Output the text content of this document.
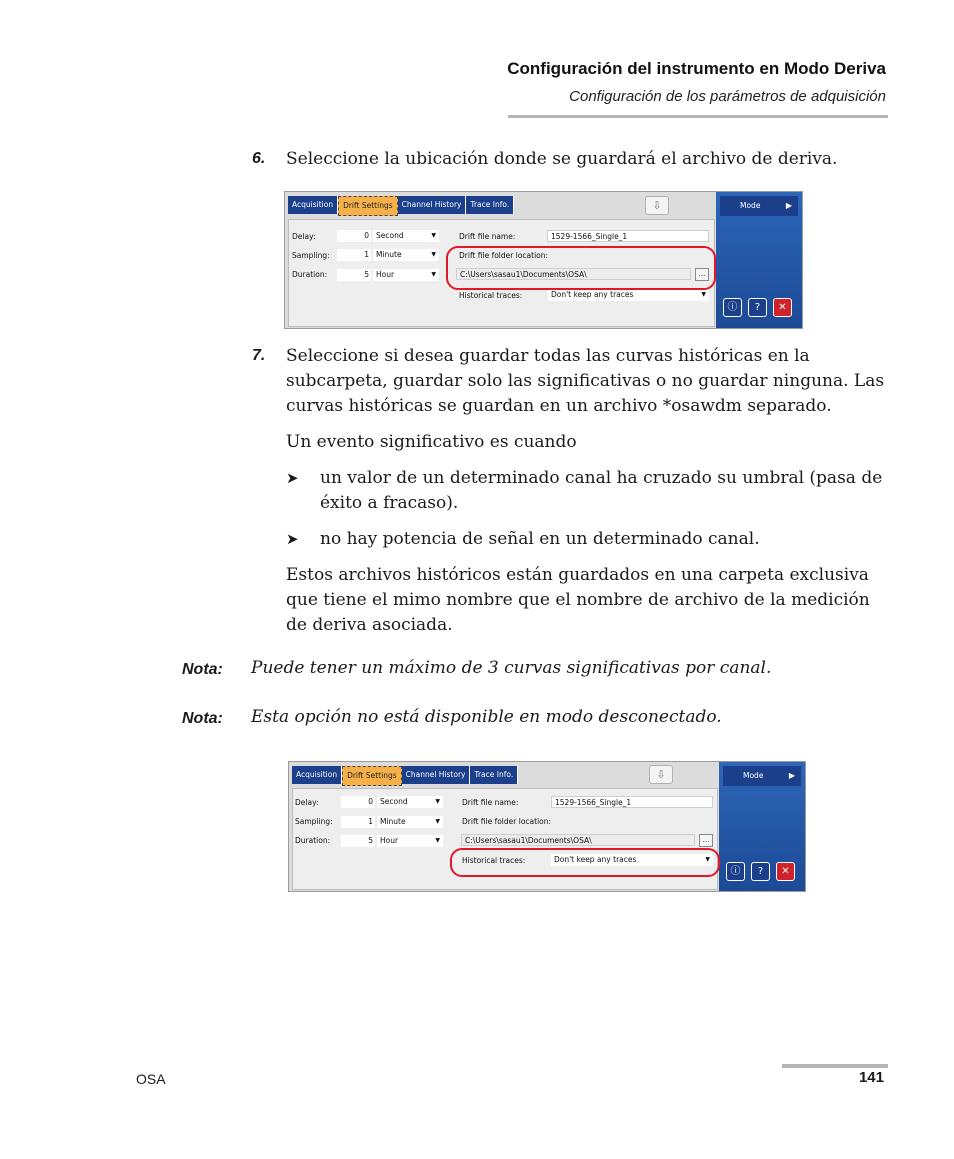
Configuración del instrumento en Modo Deriva
Configuración de los parámetros de adquisición
6. Seleccione la ubicación donde se guardará el archivo de deriva.
Acquisition	Drift Settings	Channel History	Trace Info.	⇩
Delay:	0 Second	▼
Sampling:	1 Minute	▼
Duration:	5 Hour	▼
Drift file name:	1529-1566_Single_1
Drift file folder location:
C:\Users\sasau1\Documents\OSA\	...
Historical traces:	Don't keep any traces	▼
Mode	▶
ⓘ	?	✕
7. Seleccione si desea guardar todas las curvas históricas en la
subcarpeta, guardar solo las significativas o no guardar ninguna. Las
curvas históricas se guardan en un archivo *osawdm separado.
Un evento significativo es cuando
➤ un valor de un determinado canal ha cruzado su umbral (pasa de
éxito a fracaso).
➤ no hay potencia de señal en un determinado canal.
Estos archivos históricos están guardados en una carpeta exclusiva
que tiene el mimo nombre que el nombre de archivo de la medición
de deriva asociada.
Nota: Puede tener un máximo de 3 curvas significativas por canal.
Nota: Esta opción no está disponible en modo desconectado.
Acquisition	Drift Settings	Channel History	Trace Info.	⇩
Delay:	0 Second	▼
Sampling:	1 Minute	▼
Duration:	5 Hour	▼
Drift file name:	1529-1566_Single_1
Drift file folder location:
C:\Users\sasau1\Documents\OSA\	...
Historical traces:	Don't keep any traces	▼
Mode	▶
ⓘ	?	✕
OSA	141
